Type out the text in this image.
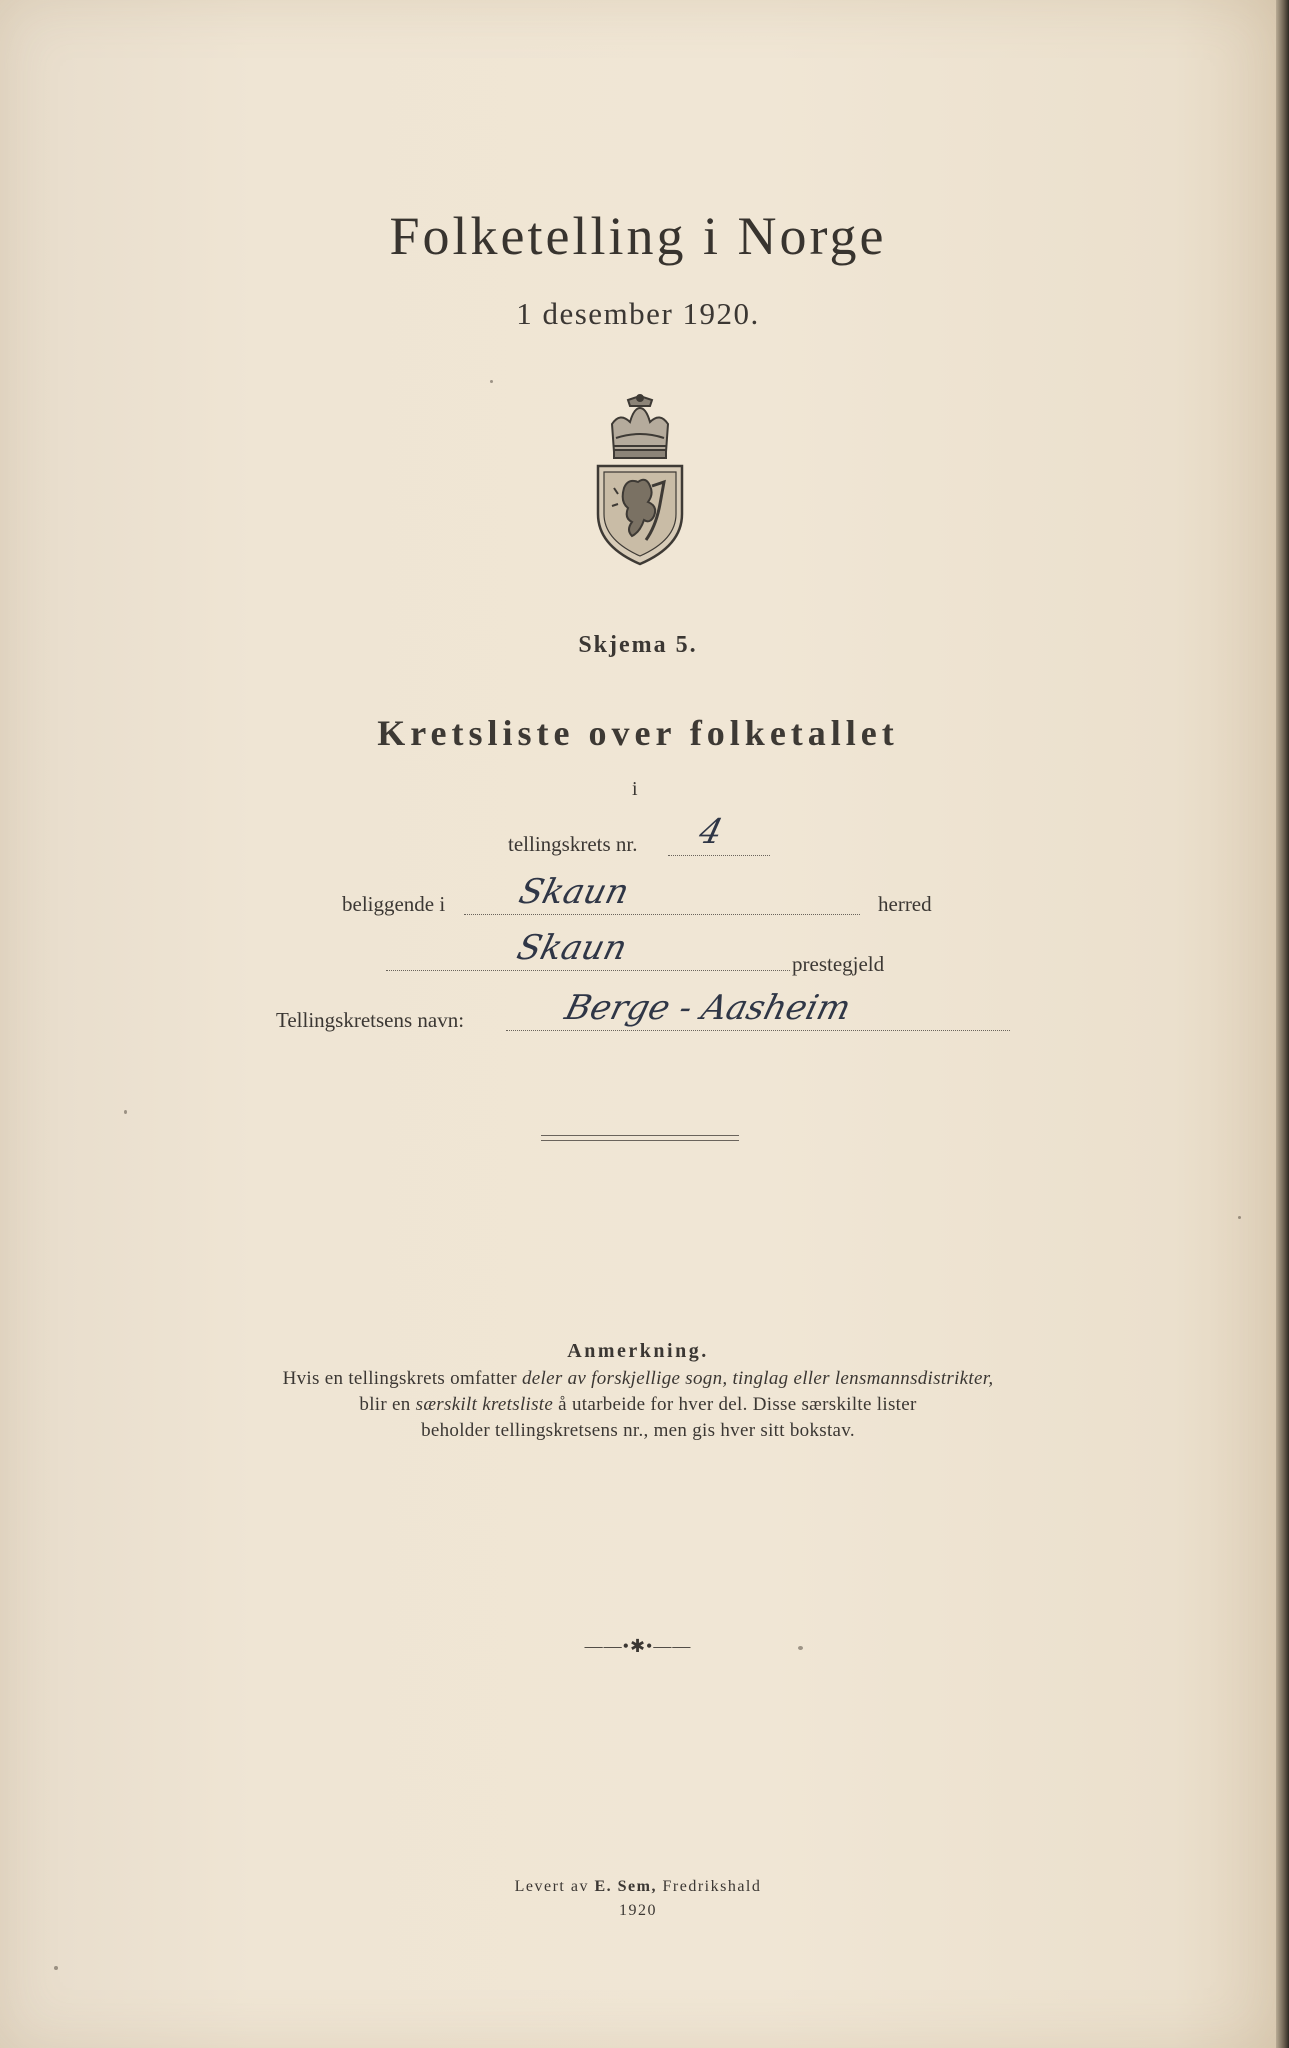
Folketelling i Norge
1 desember 1920.
Skjema 5.
Kretsliste over folketallet
i
tellingskrets nr. 4
beliggende i Skaun	herred
Skaun	prestegjeld
Tellingskretsens navn:	Berge - Aasheim
Anmerkning.
Hvis en tellingskrets omfatter deler av forskjellige sogn, tinglag eller lensmannsdistrikter,
blir en særskilt kretsliste å utarbeide for hver del. Disse særskilte lister
beholder tellingskretsens nr., men gis hver sitt bokstav.
——•✱•——
Levert av E. Sem, Fredrikshald
1920
